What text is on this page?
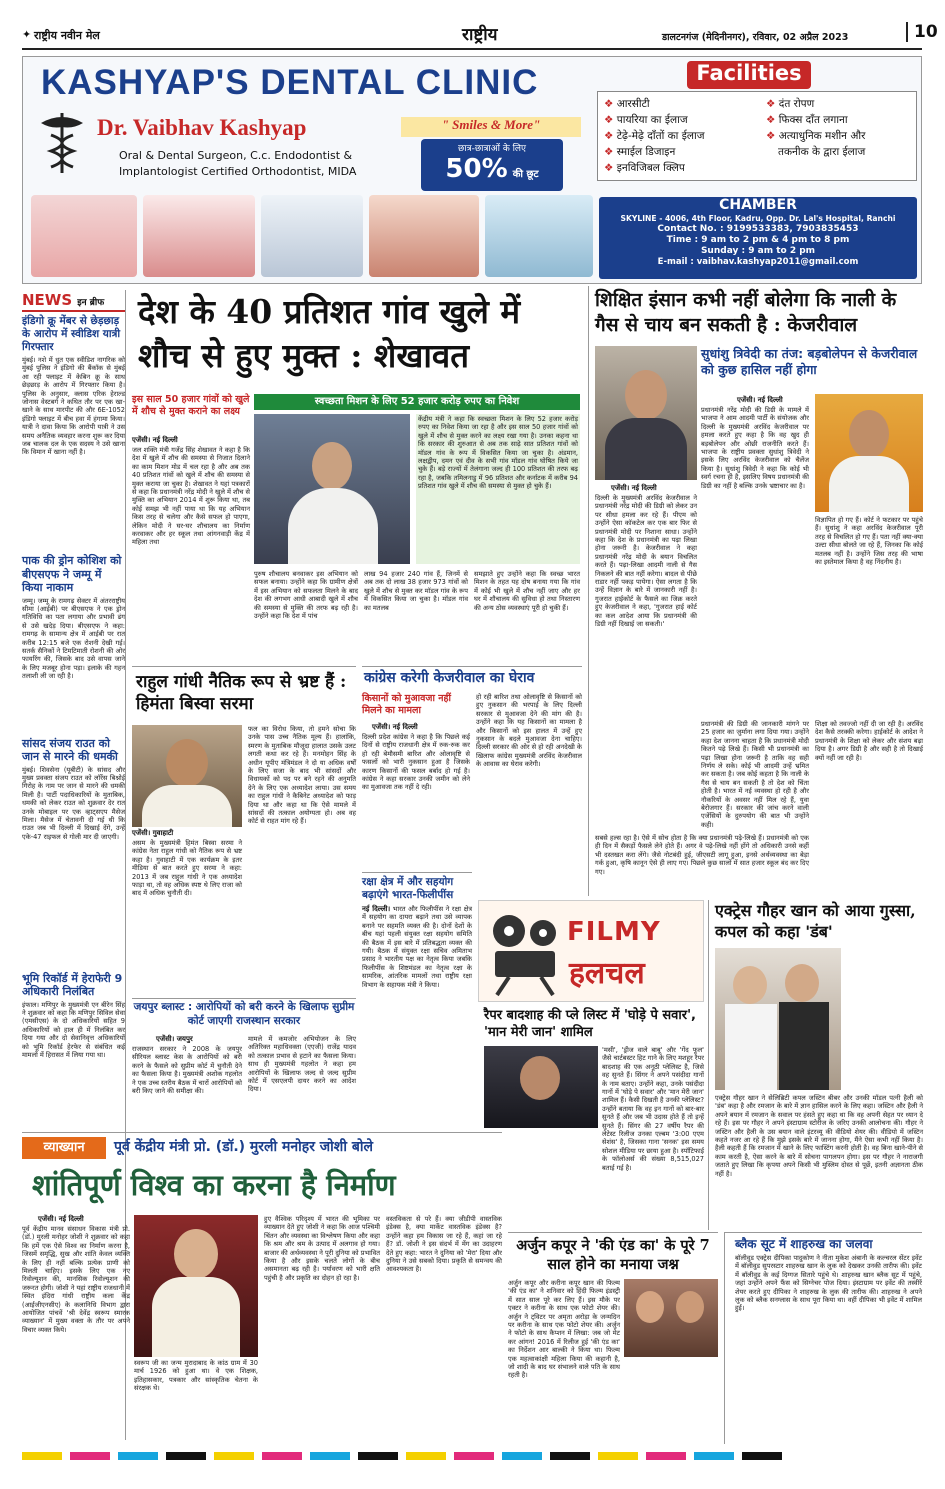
✦ राष्ट्रीय नवीन मेल	राष्ट्रीय	डालटनगंज (मेदिनीनगर), रविवार, 02 अप्रैल 2023	10
KASHYAP'S DENTAL CLINIC
Dr. Vaibhav Kashyap
Oral & Dental Surgeon, C.c. Endodontist &
Implantologist Certified Orthodontist, MIDA
" Smiles & More"
छात्र-छात्राओं के लिए
50% की छूट
Facilities
❖ आरसीटी
❖ पायरिया का ईलाज
❖ टेढ़े-मेढ़े दाँतों का ईलाज
❖ स्माईल डिजाइन
❖ इनविजिबल क्लिप
❖ दंत रोपण
❖ फिक्स दाँत लगाना
❖ अत्याधुनिक मशीन और
तकनीक के द्वारा ईलाज
CHAMBER
SKYLINE - 4006, 4th Floor, Kadru, Opp. Dr. Lal's Hospital, Ranchi
Contact No. : 9199533383, 7903835453
Time : 9 am to 2 pm & 4 pm to 8 pm
Sunday : 9 am to 2 pm
E-mail : vaibhav.kashyap2011@gmail.com
NEWS इन ब्रीफ
इंडिगो क्रू मेंबर से छेड़छाड़ के आरोप में स्वीडिश यात्री गिरफ्तार
मुंबई। नशे में धुत एक स्वीडिश नागरिक को मुंबई पुलिस ने इंडिगो की बैंकॉक से मुंबई आ रही फ्लाइट में केबिन क्रू के साथ छेड़छाड़ के आरोप में गिरफ्तार किया है। पुलिस के अनुसार, क्लास एरिक हेराल्ड जोनास वेस्टबर्ग ने कथित तौर पर एक खा-खाने के साथ मारपीट की और 6E-1052 इंडिगो फ्लाइट में बीच हवा में हंगामा किया। यात्री ने दावा किया कि आरोपी यात्री ने उस समय अनैतिक व्यवहार करना शुरू कर दिया जब चालक दल के एक सदस्य ने उसे खाना कि विमान में खाना नहीं है।
पाक की ड्रोन कोशिश को बीएसएफ ने जम्मू में किया नाकाम
जम्मू। जम्मू के रामगढ़ सेक्टर में अंतरराष्ट्रीय सीमा (आईबी) पर बीएसएफ ने एक ड्रोन गतिविधि का पता लगाया और प्रभावी ढंग से उसे खदेड़ दिया। बीएसएफ ने कहा: रामगढ़ के सामान्य क्षेत्र में आईबी पर रात करीब 12:15 बजे एक रोशनी देखी गई। सतर्क सैनिकों ने टिमटिमाती रोशनी की ओर फायरिंग की, जिसके बाद उसे वापस जाने के लिए मजबूर होना पड़ा। इलाके की गहन तलाशी ली जा रही है।
सांसद संजय राउत को जान से मारने की धमकी
मुंबई। शिवसेना (यूबीटी) के सांसद और मुख्य प्रवक्ता संजय राउत को लॉरेंस बिश्नोई गिरोह के नाम पर जान से मारने की धमकी मिली है। पार्टी पदाधिकारियों के मुताबिक, धमकी को लेकर राउत को शुक्रवार देर रात उनके मोबाइल पर एक व्हाट्सएप मैसेज मिला। मैसेज में चेतावनी दी गई थी कि राउत जब भी दिल्ली में दिखाई देंगे, उन्हें एके-47 राइफल से गोली मार दी जाएगी।
भूमि रिकॉर्ड में हेराफेरी 9 अधिकारी निलंबित
इंफाल। मणिपुर के मुख्यमंत्री एन बीरेन सिंह ने शुक्रवार को कहा कि मणिपुर सिविल सेवा (एमसीएस) के दो अधिकारियों सहित 9 अधिकारियों को हाल ही में निलंबित कर दिया गया और दो सेवानिवृत्त अधिकारियों को भूमि रिकॉर्ड हेरफेर से संबंधित कई मामलों में हिरासत में लिया गया था।
देश के 40 प्रतिशत गांव खुले में शौच से हुए मुक्त : शेखावत
इस साल 50 हजार गांवों को खुले में शौच से मुक्त कराने का लक्ष्य
स्वच्छता मिशन के लिए 52 हजार करोड़ रुपए का निवेश
एजेंसी। नई दिल्ली
जल शक्ति मंत्री गजेंद्र सिंह शेखावत ने कहा है कि देश में खुले में शौच की समस्या से निजात दिलाने का काम मिशन मोड में चल रहा है और अब तक 40 प्रतिशत गांवों को खुले में शौच की समस्या से मुक्त कराया जा चुका है। शेखावत ने यहां पत्रकारों से कहा कि प्रधानमंत्री नरेंद्र मोदी ने खुले में शौच से मुक्ति का अभियान 2014 में शुरू किया था, तब कोई समझ भी नहीं पाया था कि यह अभियान किस तरह से चलेगा और कैसे सफल हो पाएगा, लेकिन मोदी ने घर-घर शौचालय का निर्माण करवाकर और हर स्कूल तथा आंगनवाड़ी केंद्र में महिला तथा
केंद्रीय मंत्री ने कहा कि स्वच्छता मिशन के लिए 52 हजार करोड़ रुपए का निवेश किया जा रहा है और इस साल 50 हजार गांवों को खुले में शौच से मुक्त करने का लक्ष्य रखा गया है। उनका कहना था कि सरकार की शुरुआत से अब तक साढ़े सात प्रतिशत गांवों को मॉडल गांव के रूप में विकसित किया जा चुका है। अंडमान, लक्षद्वीप, दमन एवं दीव के सभी गांव मॉडल गांव घोषित किये जा चुके हैं। बड़े राज्यों में तेलंगाना जल्द ही 100 प्रतिशत की तरफ बढ़ रहा है, जबकि तमिलनाडु में 96 प्रतिशत और कर्नाटक में करीब 94 प्रतिशत गांव खुले में शौच की समस्या से मुक्त हो चुके हैं।
पुरुष शौचालय बनवाकर इस अभियान को सफल बनाया। उन्होंने कहा कि ग्रामीण क्षेत्रों में इस अभियान को सफलता मिलने के बाद देश की लगभग आधी आबादी खुले में शौच की समस्या से मुक्ति की तरफ बढ़ रही है। उन्होंने कहा कि देश में पांच
लाख 94 हजार 240 गांव हैं, जिनमें से अब तक दो लाख 38 हजार 973 गांवों को खुले में शौच से मुक्त कर मॉडल गांव के रूप में विकसित किया जा चुका है। मॉडल गांव का मतलब
समझाते हुए उन्होंने कहा कि स्वच्छ भारत मिशन के तहत यह दोष बनाया गया कि गांव में कोई भी खुले में शौच नहीं जाए और हर घर में शौचालय की सुविधा हो तथा निस्तारण की अन्य ठोस व्यवस्थाएं पूरी हो चुकी हैं।
शिक्षित इंसान कभी नहीं बोलेगा कि नाली के गैस से चाय बन सकती है : केजरीवाल
सुधांशु त्रिवेदी का तंज: बड़बोलेपन से केजरीवाल को कुछ हासिल नहीं होगा
एजेंसी। नई दिल्ली
प्रधानमंत्री नरेंद्र मोदी की डिग्री के मामले में भाजपा ने आम आदमी पार्टी के संयोजक और दिल्ली के मुख्यमंत्री अरविंद केजरीवाल पर हमला करते हुए कहा है कि वह खुद ही बड़बोलेपन और ओछी राजनीति करते हैं। भाजपा के राष्ट्रीय प्रवक्ता सुधांशु त्रिवेदी ने इसके लिए अरविंद केजरीवाल को चैलेंज किया है। सुधांशु त्रिवेदी ने कहा कि कोई भी स्वर्ग रचना ही है, इसलिए विषय प्रधानमंत्री की डिग्री का नहीं है बल्कि उनके भ्रष्टाचार का है।
विज्ञापित हो गए हैं। कोर्ट ने फटकार पर पहुंचे हैं। सुधांशु ने कहा अरविंद केजरीवाल पूरी तरह से विचलित हो गए हैं। पता नहीं क्या-क्या उल्टा सीधा बोलते जा रहे हैं, जिनका कि कोई मतलब नहीं है। उन्होंने जिस तरह की भाषा का इस्तेमाल किया है वह निंदनीय है।
एजेंसी। नई दिल्ली
दिल्ली के मुख्यमंत्री अरविंद केजरीवाल ने प्रधानमंत्री नरेंद्र मोदी की डिग्री को लेकर उन पर सीधा हमला कर रहे हैं। पीएम को उन्होंने ऐसा कॉकटेल कर एक बार फिर से प्रधानमंत्री मोदी पर निशाना साधा। उन्होंने कहा कि देश के प्रधानमंत्री का पढ़ा लिखा होना जरूरी है। केजरीवाल ने कहा प्रधानमंत्री नरेंद्र मोदी के बयान विचलित करते हैं। पढ़ा-लिखा आदमी नाली से गैस निकलने की बात नहीं करेगा। बादल से पीछे राडार नहीं पकड़ पायेगा। ऐसा लगता है कि उन्हें विज्ञान के बारे में जानकारी नहीं है। गुजरात हाईकोर्ट के फैसले का जिक्र करते हुए केजरीवाल ने कहा, 'गुजरात हाई कोर्ट का कल आदेश आया कि प्रधानमंत्री की डिग्री नहीं दिखाई जा सकती।'
प्रधानमंत्री की डिग्री की जानकारी मांगने पर 25 हजार का जुर्माना लगा दिया गया। उन्होंने कहा देश जानना चाहता है कि प्रधानमंत्री मोदी कितने पढ़े लिखे हैं। किसी भी प्रधानमंत्री का पढ़ा लिखा होना जरूरी है ताकि वह सही निर्णय ले सके। कोई भी आदमी उन्हें भ्रमित कर सकता है। जब कोई कहता है कि नाली के गैस से चाय बन सकती है तो देश को चिंता होती है। भारत में नई व्यवस्था हो रही है और नौकरियों के अवसर नहीं मिल रहे हैं, युवा बेरोजगार हैं। सरकार की जांच करने वाली एजेंसियों के दुरुपयोग की बात भी उन्होंने कही।
सबसे हल्स रहा है। ऐसे में सोच होता है कि क्या प्रधानमंत्री पढ़े-लिखे हैं। प्रधानमंत्री को एक ही दिन में सैकड़ों फैसले लेने होते हैं। अगर वे पढ़े-लिखे नहीं होंगे तो अधिकारी उनसे कहीं भी दस्तखत करा लेंगे। जैसे नोटबंदी हुई, जीएसटी लागू हुआ, इनसे अर्थव्यवस्था का बेड़ा गर्क हुआ, कृषि कानून ऐसे ही लाए गए। पिछले कुछ सालों में सात हजार स्कूल बंद कर दिए गए।
शिक्षा को तवज्जो नहीं दी जा रही है। अरविंद देश कैसे तरक्की करेगा। हाईकोर्ट के आदेश ने प्रधानमंत्री के शिक्षा को लेकर और संशय बढ़ा दिया है। अगर डिग्री है और सही है तो दिखाई क्यों नहीं जा रही है।
राहुल गांधी नैतिक रूप से भ्रष्ट हैं : हिमंता बिस्वा सरमा
एजेंसी। गुवाहाटी
असम के मुख्यमंत्री हिमंत बिस्वा सरमा ने कांग्रेस नेता राहुल गांधी को नैतिक रूप से भ्रष्ट कहा है। गुवाहाटी में एक कार्यक्रम के इतर मीडिया से बात करते हुए सरमा ने कहा: 2013 में जब राहुल गांधी ने एक अध्यादेश फाड़ा था, तो वह अधिक स्पष्ट थे लिए राजा को बाद में अधिक चुनौती दी।
फल का विरोध किया, तो हमने सोचा कि उनके पास उच्च नैतिक मूल्य हैं। हालांकि, स्मरण के मुताबिक मौजूदा हालात उसके उलट लगती कथा कर रहे हैं। मनमोहन सिंह के अधीन यूपीए मंत्रिमंडल ने दो या अधिक वर्षों के लिए सजा के बाद भी सांसदों और विधायकों को पद पर बने रहने की अनुमति देने के लिए एक अध्यादेश लाया। उस समय का राहुल गांधी ने कैबिनेट अध्यादेश को फाड़ दिया था और कहा था कि ऐसे मामले में सांसदों की तत्काल अयोग्यता हो। अब वह कोर्ट से राहत मांग रहे हैं।
कांग्रेस करेगी केजरीवाल का घेराव
किसानों को मुआवजा नहीं मिलने का मामला
एजेंसी। नई दिल्ली
दिल्ली प्रदेश कांग्रेस ने कहा है कि पिछले कई दिनों से राष्ट्रीय राजधानी क्षेत्र में रुक-रुक कर हो रही बेमौसमी बारिश और ओलावृष्टि से फसलों को भारी नुकसान हुआ है जिसके कारण किसानों की फसल बर्बाद हो गई है। कांग्रेस ने कहा सरकार उनकी जमीन को लेने का मुआवजा तक नहीं दे रही।
हो रही बारिश तथा ओलावृष्टि से किसानों को हुए नुकसान की भरपाई के लिए दिल्ली सरकार से मुआवजा देने की मांग की है। उन्होंने कहा कि यह किसानों का मामला है और किसानों को इस हालत में उन्हें हुए नुकसान के बदले मुआवजा देना चाहिए। दिल्ली सरकार की ओर से हो रही अनदेखी के खिलाफ कांग्रेस मुख्यमंत्री अरविंद केजरीवाल के आवास का घेराव करेगी।
रक्षा क्षेत्र में और सहयोग बढ़ाएंगे भारत-फिलीपींस
नई दिल्ली। भारत और फिलीपींस ने रक्षा क्षेत्र में सहयोग का दायरा बढ़ाने तथा उसे व्यापक बनाने पर सहमति व्यक्त की है। दोनों देशों के बीच यहां पहली संयुक्त रक्षा सहयोग समिति की बैठक में इस बारे में प्रतिबद्धता व्यक्त की गयी। बैठक में संयुक्त रक्षा सचिव अमिताभ प्रसाद ने भारतीय पक्ष का नेतृत्व किया जबकि फिलीपींस के शिष्टमंडल का नेतृत्व रक्षा के सामरिक, आंतरिक मामलों तथा राष्ट्रीय रक्षा विभाग के सहायक मंत्री ने किया।
जयपुर ब्लास्ट : आरोपियों को बरी करने के खिलाफ सुप्रीम कोर्ट जाएगी राजस्थान सरकार
एजेंसी। जयपुर
राजस्थान सरकार ने 2008 के जयपुर सीरियल ब्लास्ट केस के आरोपियों को बरी करने के फैसले को सुप्रीम कोर्ट में चुनौती देने का फैसला किया है। मुख्यमंत्री अशोक गहलोत ने एक उच्च स्तरीय बैठक में चारों आरोपियों को बरी किए जाने की समीक्षा की।
मामले में कमजोर अभियोजन के लिए अतिरिक्त महाधिवक्ता (एएजी) राजेंद्र यादव को तत्काल प्रभाव से हटाने का फैसला किया। साथ ही मुख्यमंत्री गहलोत ने कहा हम आरोपियों के खिलाफ जल्द से जल्द सुप्रीम कोर्ट में एसएलपी दायर करने का आदेश दिया।
FILMY
हलचल
रैपर बादशाह की प्ले लिस्ट में 'घोड़े पे सवार', 'मान मेरी जान' शामिल
'मसी', 'ड्रीज वाले बाबू' और 'गेंद फूल' जैसे चार्टबस्टर हिट गाने के लिए मशहूर रैपर बादशाह की एक अनूठी प्लेलिस्ट है, जिसे वह सुनते हैं। सिंगर ने अपने पसंदीदा गानों के नाम बताए। उन्होंने कहा, उनके पसंदीदा गानों में 'घोड़े पे सवार' और 'मान मेरी जान' शामिल हैं। कैसी दिखती है उनकी प्लेलिस्ट? उन्होंने बताया कि वह इन गानों को बार-बार सुनते हैं और जब भी उदास होते हैं तो इन्हें सुनते हैं। सिंगर की 27 वर्षीय रैपर की लेटेस्ट रिलीज उनका एल्बम '3:00 एएम सेशंस' है, जिसका गाना 'सनक' इस समय सोशल मीडिया पर छाया हुआ है। स्पॉटिफाई के फॉलोअर्स की संख्या 8,515,027 बताई गई है।
एक्ट्रेस गौहर खान को आया गुस्सा, कपल को कहा 'डंब'
एक्ट्रेस गौहर खान ने सेलिब्रिटी कपल जस्टिन बीबर और उनकी मॉडल पत्नी हैली को 'डंब' कहा है और रमजान के बारे में ज्ञान हासिल करने के लिए कहा। जस्टिन और हैली ने अपने बयान में रमजान के सवाल पर हंसते हुए कहा था कि वह अपनी सेहत पर ध्यान दे रहे हैं। इस पर गौहर ने अपने इंस्टाग्राम स्टोरीज के जरिए उनकी आलोचना की। गौहर ने जस्टिन और हैली के उस बयान वाले इंटरव्यू की वीडियो शेयर की। वीडियो में जस्टिन कहते नजर आ रहे हैं कि मुझे इसके बारे में जानना होगा, मैंने ऐसा कभी नहीं किया है। हैली कहती हैं कि रमजान में खाने के लिए फास्टिंग करनी होती है। वह बिना खाने-पीने से काम करती है, ऐसा करने के बारे में सोचना पागलपन होगा। इस पर गौहर ने नाराजगी जताते हुए लिखा कि कृपया अपने किसी भी मुस्लिम दोस्त से पूछें, इतनी अज्ञानता ठीक नहीं है।
व्याख्यान	पूर्व केंद्रीय मंत्री प्रो. (डॉ.) मुरली मनोहर जोशी बोले
शांतिपूर्ण विश्व का करना है निर्माण
एजेंसी। नई दिल्ली
पूर्व केंद्रीय मानव संसाधन विकास मंत्री प्रो. (डॉ.) मुरली मनोहर जोशी ने शुक्रवार को कहा कि हमें एक ऐसे विश्व का निर्माण करना है, जिसमें समृद्धि, सुख और शांति केवल व्यक्ति के लिए ही नहीं बल्कि प्रत्येक प्राणी को मिलती चाहिए। इसके लिए एक नए रिवोल्यूशन की, मानसिक रिवोल्यूशन की जरूरत होगी। जोशी ने यहां राष्ट्रीय राजधानी में स्थित इंदिरा गांधी राष्ट्रीय कला केंद्र (आईजीएनसीए) के कलानिधि विभाग द्वारा आयोजित पांचवें 'श्री देवेंद्र स्वरूप स्मारक व्याख्यान' में मुख्य वक्ता के तौर पर अपने विचार व्यक्त किये।
स्वरूप जी का जन्म मुरादाबाद के कांठ ग्राम में 30 मार्च 1926 को हुआ था। वे एक शिक्षक, इतिहासकार, पत्रकार और सांस्कृतिक चेतना के संरक्षक थे।
हुए वैश्विक परिदृश्य में भारत की भूमिका पर व्याख्यान देते हुए जोशी ने कहा कि आज पश्चिमी चिंतन और व्यवस्था का विश्लेषण किया और कहा कि श्रम और श्रम के उत्पाद में अलगाव हो गया। बाजार की अर्थव्यवस्था ने पूरी दुनिया को प्रभावित किया है और इसके चलते लोगों के बीच असमानता बढ़ रही है। पर्यावरण को भारी क्षति पहुंची है और प्रकृति का दोहन हो रहा है।
वस्तविकता से परे हैं। क्या जीडीपी वास्तविक इंडेक्स है, क्या मार्केट वास्तविक इंडेक्स है? उन्होंने कहा हम विकास जा रहे हैं, कहां जा रहे हैं? डॉ. जोशी ने इस संदर्भ में मेंग का उदाहरण देते हुए कहा: भारत ने दुनिया को 'मेरा' दिया और दुनिया ने उसे सबको दिया। प्रकृति से समन्वय की आवश्यकता है।
अर्जुन कपूर ने 'की एंड का' के पूरे 7 साल होने का मनाया जश्न
अर्जुन कपूर और करीना कपूर खान की फिल्म 'की एंड का' ने शनिवार को हिंदी फिल्म इंडस्ट्री में सात साल पूरे कर लिए हैं। इस मौके पर एक्टर ने करीना के साथ एक फोटो शेयर की। अर्जुन ने ट्विटर पर अमृता अरोड़ा के जन्मदिन पर करीना के साथ एक फोटो शेयर की। अर्जुन ने फोटो के साथ कैप्शन में लिखा: जब जो मेट कर आंगन! 2016 में रिलीज हुई 'की एंड का' का निर्देशन आर बाल्की ने किया था। फिल्म एक महत्वाकांक्षी महिला किया की कहानी है, जो शादी के बाद घर संभालने वाले पति के साथ रहती है।
ब्लैक सूट में शाहरुख का जलवा
बॉलीवुड एक्ट्रेस दीपिका पादुकोण ने नीता मुकेश अंबानी के कल्चरल सेंटर इवेंट में बॉलीवुड सुपरस्टार शाहरुख खान के लुक को देखकर उनकी तारीफ की। इवेंट में बॉलीवुड के कई दिग्गज सितारे पहुंचे थे। शाहरुख खान ब्लैक सूट में पहुंचे, जहां उन्होंने अपने फैंस को सिग्नेचर पोज दिया। इंस्टाग्राम पर इवेंट की तस्वीरें शेयर करते हुए दीपिका ने शाहरुख के लुक की तारीफ की। शाहरुख ने अपने लुक को ब्लैक सनग्लास के साथ पूरा किया था। वहीं दीपिका भी इवेंट में शामिल हुईं।
